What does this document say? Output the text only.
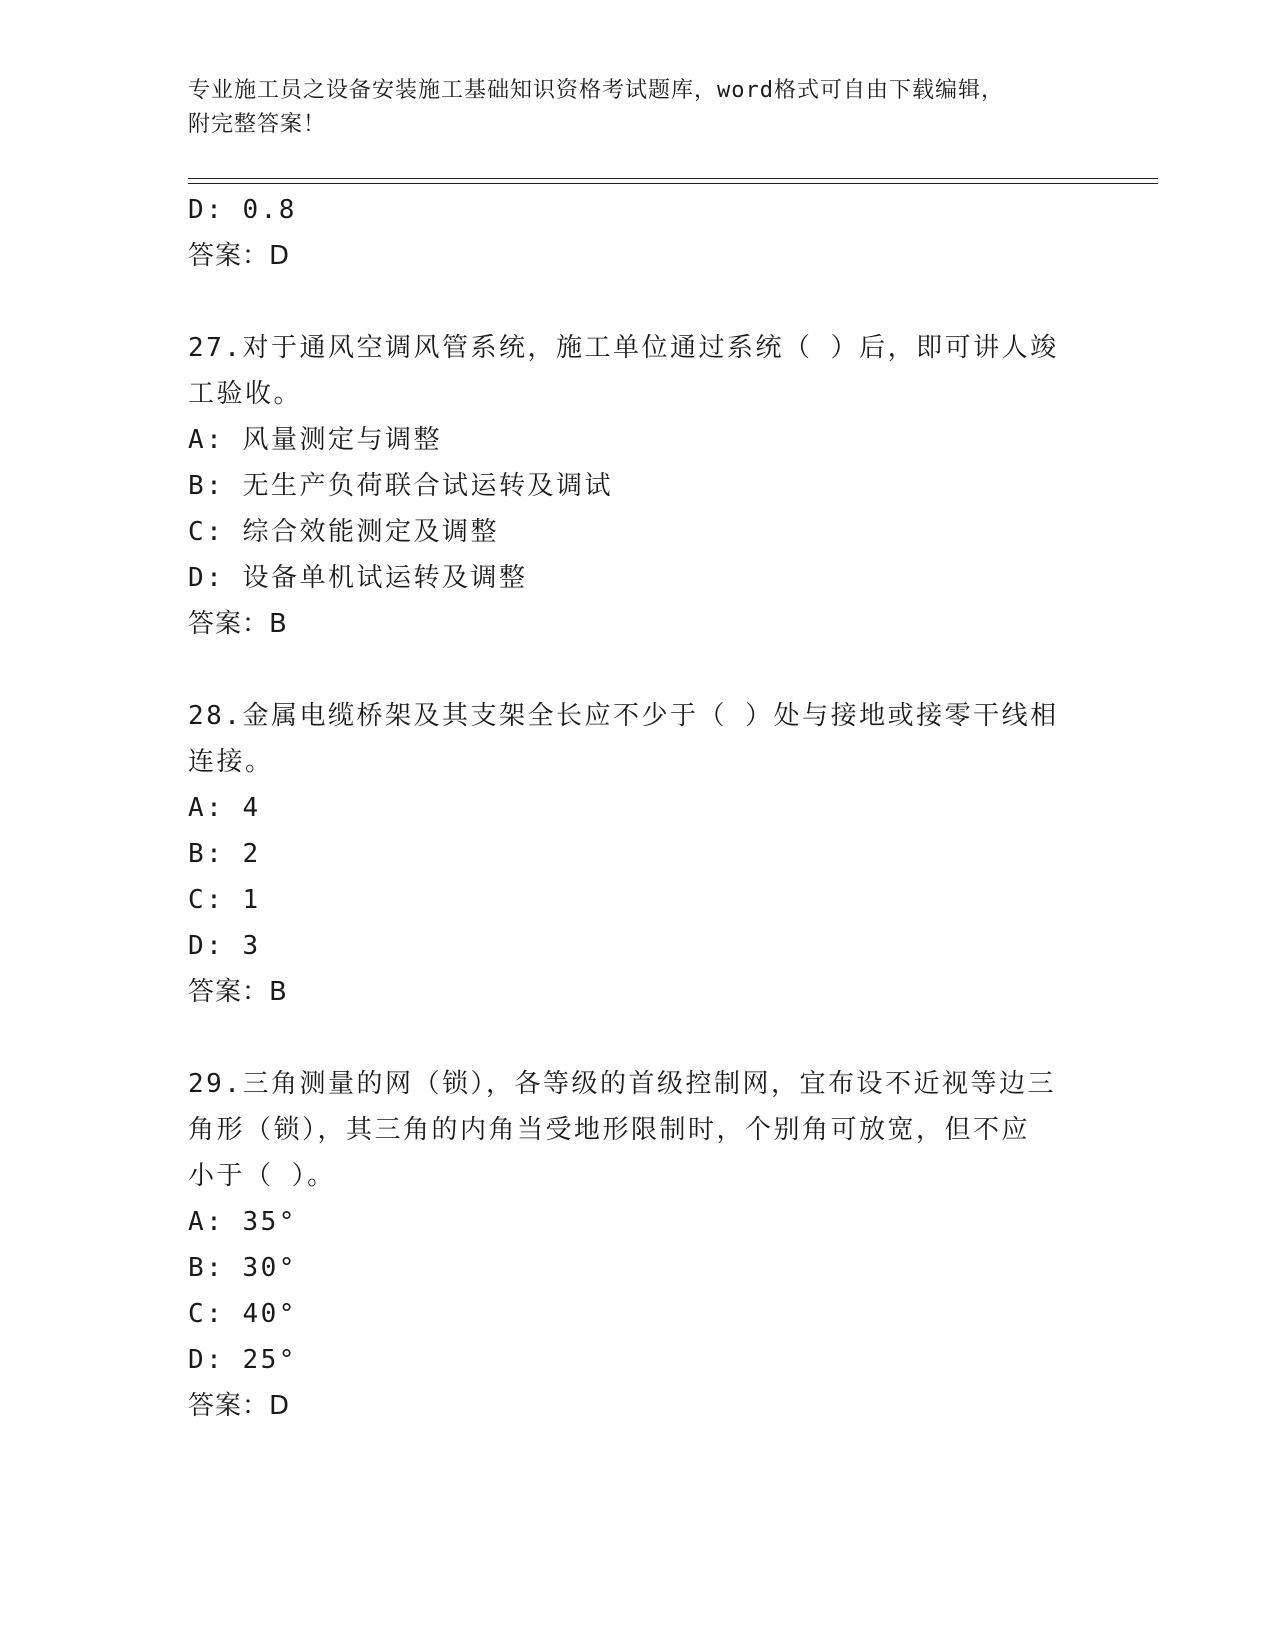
专业施工员之设备安装施工基础知识资格考试题库，word格式可自由下载编辑，
附完整答案！
D: 0.8
答案：D
27.对于通风空调风管系统，施工单位通过系统（ ）后，即可讲人竣
工验收。
A: 风量测定与调整
B: 无生产负荷联合试运转及调试
C: 综合效能测定及调整
D: 设备单机试运转及调整
答案：B
28.金属电缆桥架及其支架全长应不少于（ ）处与接地或接零干线相
连接。
A: 4
B: 2
C: 1
D: 3
答案：B
29.三角测量的网（锁），各等级的首级控制网，宜布设不近视等边三
角形（锁），其三角的内角当受地形限制时，个别角可放宽，但不应
小于（ ）。
A: 35°
B: 30°
C: 40°
D: 25°
答案：D
